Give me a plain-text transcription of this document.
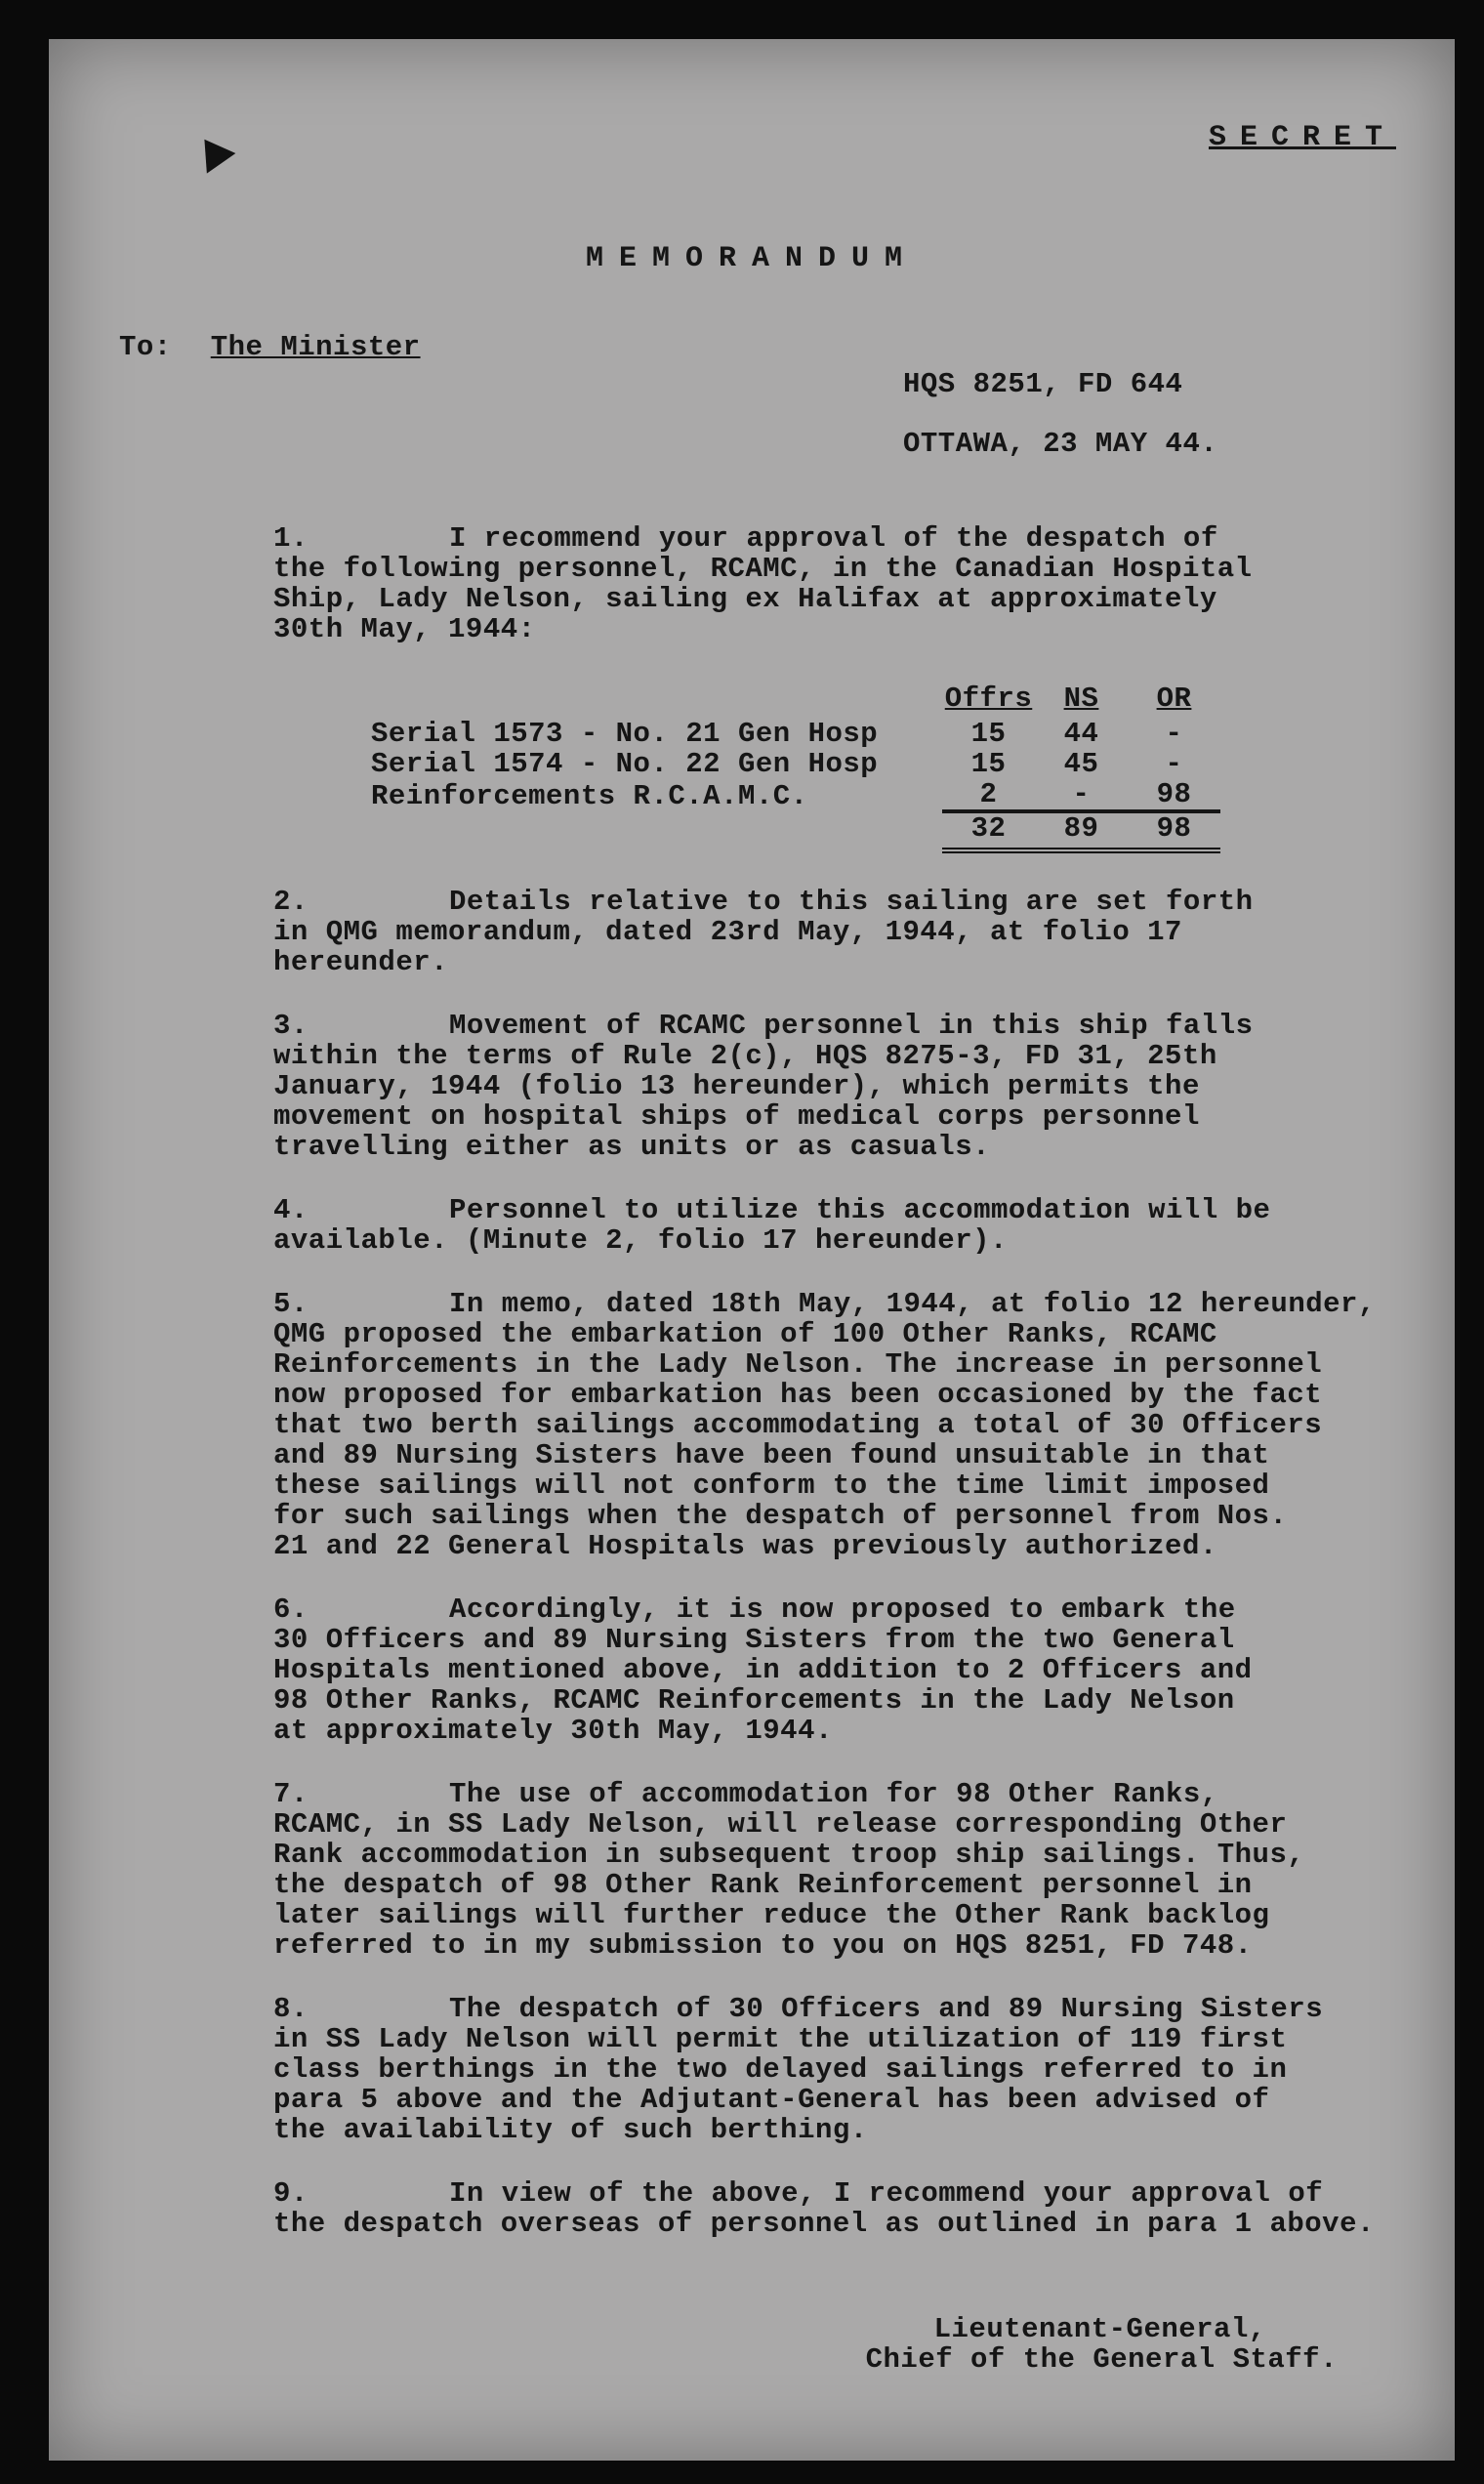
SECRET
MEMORANDUM
To: The Minister
HQS 8251, FD 644
OTTAWA, 23 MAY 44.
1.	I recommend your approval of the despatch of
the following personnel, RCAMC, in the Canadian Hospital
Ship, Lady Nelson, sailing ex Halifax at approximately
30th May, 1944:
	Offrs	NS	OR
Serial 1573 - No. 21 Gen Hosp	15	44	-
Serial 1574 - No. 22 Gen Hosp	15	45	-
Reinforcements R.C.A.M.C.	2	-	98
	32	89	98
2.	Details relative to this sailing are set forth
in QMG memorandum, dated 23rd May, 1944, at folio 17
hereunder.
3.	Movement of RCAMC personnel in this ship falls
within the terms of Rule 2(c), HQS 8275-3, FD 31, 25th
January, 1944 (folio 13 hereunder), which permits the
movement on hospital ships of medical corps personnel
travelling either as units or as casuals.
4.	Personnel to utilize this accommodation will be
available. (Minute 2, folio 17 hereunder).
5.	In memo, dated 18th May, 1944, at folio 12 hereunder,
QMG proposed the embarkation of 100 Other Ranks, RCAMC
Reinforcements in the Lady Nelson. The increase in personnel
now proposed for embarkation has been occasioned by the fact
that two berth sailings accommodating a total of 30 Officers
and 89 Nursing Sisters have been found unsuitable in that
these sailings will not conform to the time limit imposed
for such sailings when the despatch of personnel from Nos.
21 and 22 General Hospitals was previously authorized.
6.	Accordingly, it is now proposed to embark the
30 Officers and 89 Nursing Sisters from the two General
Hospitals mentioned above, in addition to 2 Officers and
98 Other Ranks, RCAMC Reinforcements in the Lady Nelson
at approximately 30th May, 1944.
7.	The use of accommodation for 98 Other Ranks,
RCAMC, in SS Lady Nelson, will release corresponding Other
Rank accommodation in subsequent troop ship sailings. Thus,
the despatch of 98 Other Rank Reinforcement personnel in
later sailings will further reduce the Other Rank backlog
referred to in my submission to you on HQS 8251, FD 748.
8.	The despatch of 30 Officers and 89 Nursing Sisters
in SS Lady Nelson will permit the utilization of 119 first
class berthings in the two delayed sailings referred to in
para 5 above and the Adjutant-General has been advised of
the availability of such berthing.
9.	In view of the above, I recommend your approval of
the despatch overseas of personnel as outlined in para 1 above.
Lieutenant-General,
Chief of the General Staff.
